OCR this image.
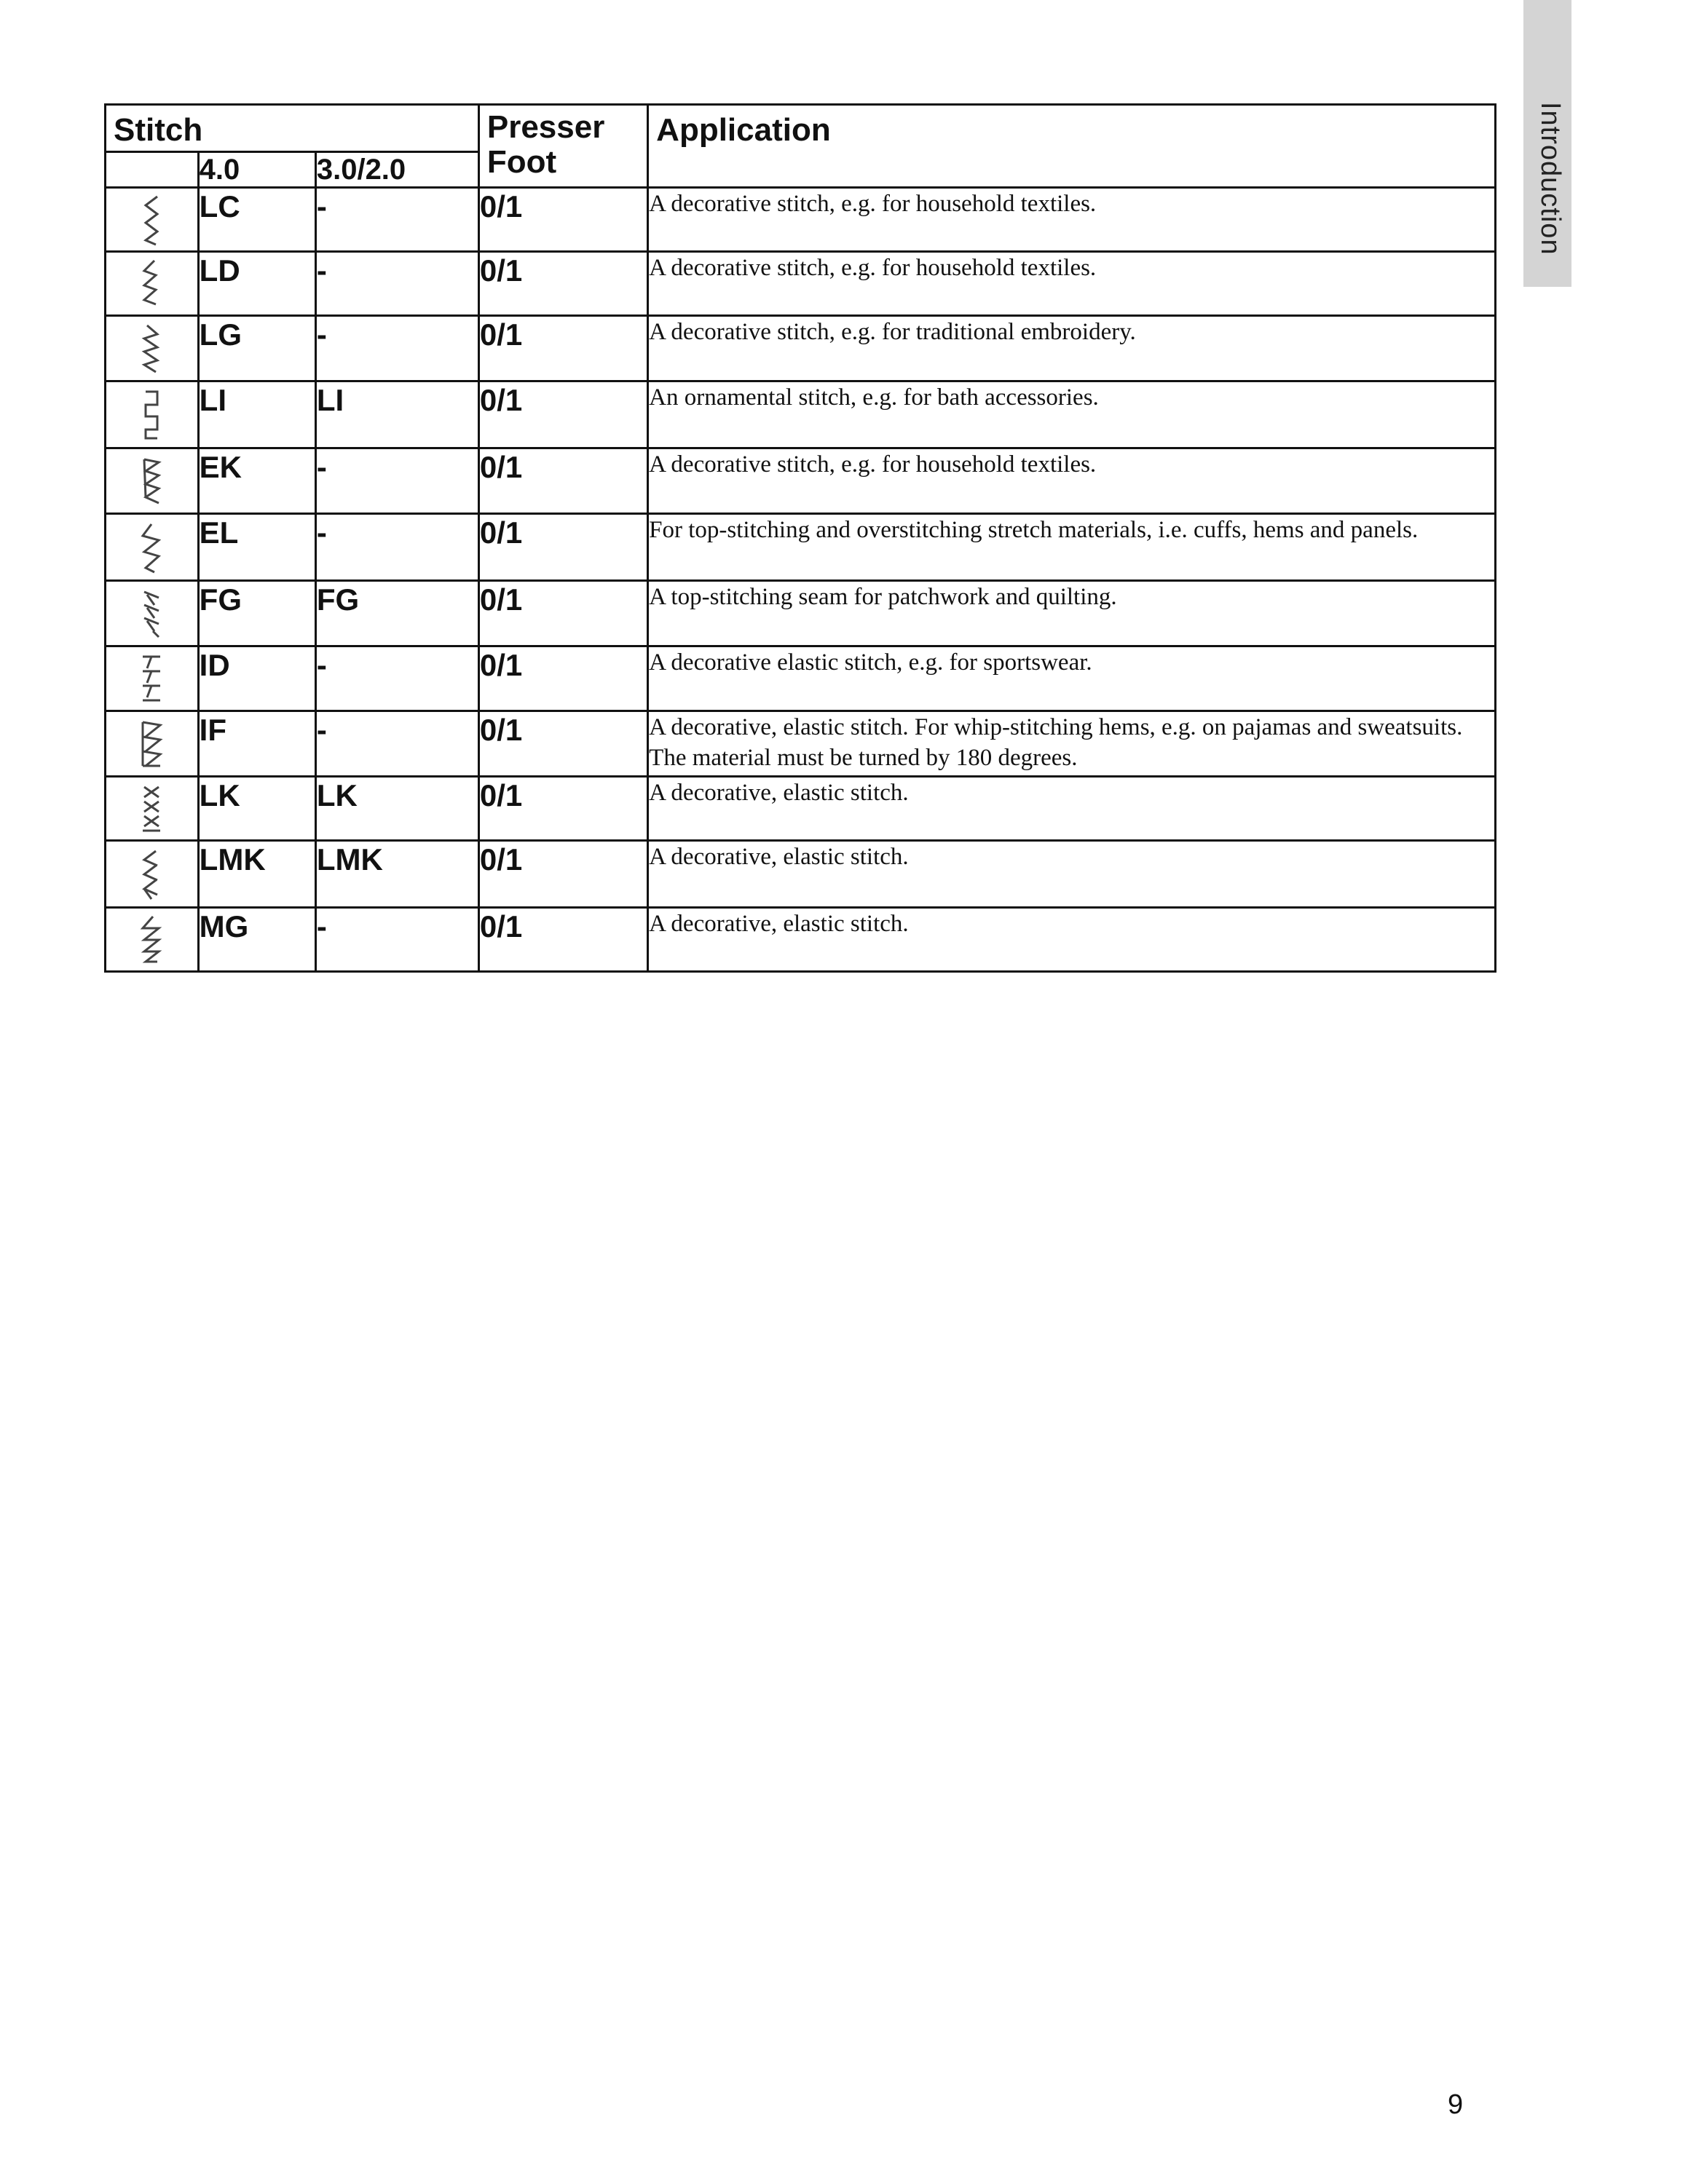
Introduction
Stitch			Presser Foot	Application

	4.0	3.0/2.0		

	LC	-	0/1	A decorative stitch, e.g. for household textiles.

	LD	-	0/1	A decorative stitch, e.g. for household textiles.

	LG	-	0/1	A decorative stitch, e.g. for traditional embroidery.

	LI	LI	0/1	An ornamental stitch, e.g. for bath accessories.

	EK	-	0/1	A decorative stitch, e.g. for household textiles.

	EL	-	0/1	For top-stitching and overstitching stretch materials, i.e. cuffs, hems and panels.

	FG	FG	0/1	A top-stitching seam for patchwork and quilting.

	ID	-	0/1	A decorative elastic stitch, e.g. for sportswear.

	IF	-	0/1	A decorative, elastic stitch. For whip-stitching hems, e.g. on pajamas and sweatsuits. The material must be turned by 180 degrees.

	LK	LK	0/1	A decorative, elastic stitch.

	LMK	LMK	0/1	A decorative, elastic stitch.

	MG	-	0/1	A decorative, elastic stitch.
9
